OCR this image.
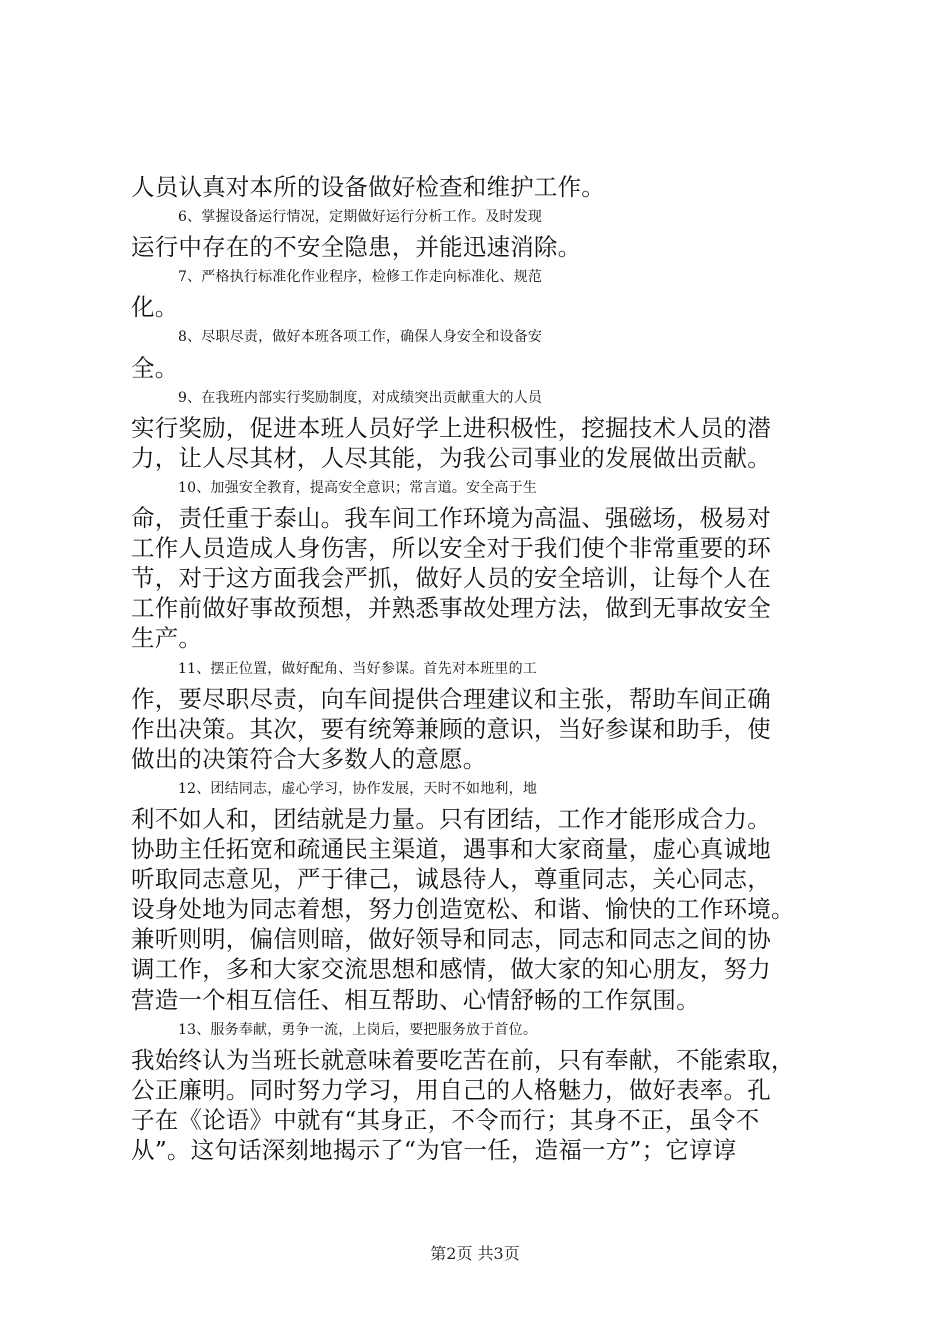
人员认真对本所的设备做好检查和维护工作。
6、掌握设备运行情况，定期做好运行分析工作。及时发现
运行中存在的不安全隐患，并能迅速消除。
7、严格执行标准化作业程序，检修工作走向标准化、规范
化。
8、尽职尽责，做好本班各项工作，确保人身安全和设备安
全。
9、在我班内部实行奖励制度，对成绩突出贡献重大的人员
实行奖励，促进本班人员好学上进积极性，挖掘技术人员的潜
力，让人尽其材，人尽其能，为我公司事业的发展做出贡献。
10、加强安全教育，提高安全意识；常言道。安全高于生
命，责任重于泰山。我车间工作环境为高温、强磁场，极易对
工作人员造成人身伤害，所以安全对于我们使个非常重要的环
节，对于这方面我会严抓，做好人员的安全培训，让每个人在
工作前做好事故预想，并熟悉事故处理方法，做到无事故安全
生产。
11、摆正位置，做好配角、当好参谋。首先对本班里的工
作，要尽职尽责，向车间提供合理建议和主张，帮助车间正确
作出决策。其次，要有统筹兼顾的意识，当好参谋和助手，使
做出的决策符合大多数人的意愿。
12、团结同志，虚心学习，协作发展，天时不如地利，地
利不如人和，团结就是力量。只有团结，工作才能形成合力。
协助主任拓宽和疏通民主渠道，遇事和大家商量，虚心真诚地
听取同志意见，严于律己，诚恳待人，尊重同志，关心同志，
设身处地为同志着想，努力创造宽松、和谐、愉快的工作环境。
兼听则明，偏信则暗，做好领导和同志，同志和同志之间的协
调工作，多和大家交流思想和感情，做大家的知心朋友，努力
营造一个相互信任、相互帮助、心情舒畅的工作氛围。
13、服务奉献，勇争一流，上岗后，要把服务放于首位。
我始终认为当班长就意味着要吃苦在前，只有奉献，不能索取，
公正廉明。同时努力学习，用自己的人格魅力，做好表率。孔
子在《论语》中就有“其身正，不令而行；其身不正，虽令不
从”。这句话深刻地揭示了“为官一任，造福一方”；它谆谆
第2页 共3页
